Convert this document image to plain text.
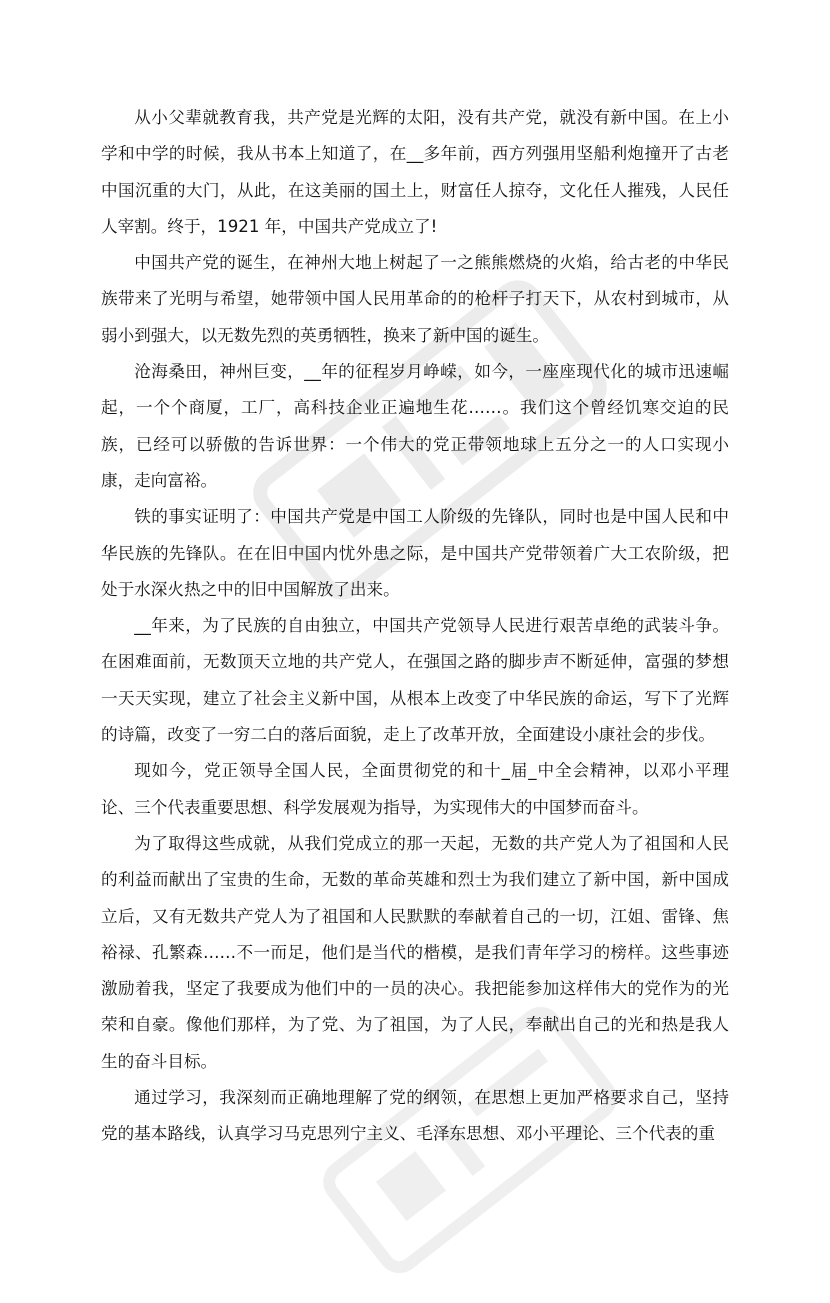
从小父辈就教育我，共产党是光辉的太阳，没有共产党，就没有新中国。在上小学和中学的时候，我从书本上知道了，在__多年前，西方列强用坚船利炮撞开了古老中国沉重的大门，从此，在这美丽的国土上，财富任人掠夺，文化任人摧残，人民任人宰割。终于，1921 年，中国共产党成立了!

中国共产党的诞生，在神州大地上树起了一之熊熊燃烧的火焰，给古老的中华民族带来了光明与希望，她带领中国人民用革命的的枪杆子打天下，从农村到城市，从弱小到强大，以无数先烈的英勇牺牲，换来了新中国的诞生。

沧海桑田，神州巨变，__年的征程岁月峥嵘，如今，一座座现代化的城市迅速崛起，一个个商厦，工厂，高科技企业正遍地生花……。我们这个曾经饥寒交迫的民族，已经可以骄傲的告诉世界：一个伟大的党正带领地球上五分之一的人口实现小康，走向富裕。

铁的事实证明了：中国共产党是中国工人阶级的先锋队，同时也是中国人民和中华民族的先锋队。在在旧中国内忧外患之际，是中国共产党带领着广大工农阶级，把处于水深火热之中的旧中国解放了出来。

__年来，为了民族的自由独立，中国共产党领导人民进行艰苦卓绝的武装斗争。在困难面前，无数顶天立地的共产党人，在强国之路的脚步声不断延伸，富强的梦想一天天实现，建立了社会主义新中国，从根本上改变了中华民族的命运，写下了光辉的诗篇，改变了一穷二白的落后面貌，走上了改革开放，全面建设小康社会的步伐。

现如今，党正领导全国人民，全面贯彻党的和十_届_中全会精神，以邓小平理论、三个代表重要思想、科学发展观为指导，为实现伟大的中国梦而奋斗。

为了取得这些成就，从我们党成立的那一天起，无数的共产党人为了祖国和人民的利益而献出了宝贵的生命，无数的革命英雄和烈士为我们建立了新中国，新中国成立后，又有无数共产党人为了祖国和人民默默的奉献着自己的一切，江姐、雷锋、焦裕禄、孔繁森……不一而足，他们是当代的楷模，是我们青年学习的榜样。这些事迹激励着我，坚定了我要成为他们中的一员的决心。我把能参加这样伟大的党作为的光荣和自豪。像他们那样，为了党、为了祖国，为了人民，奉献出自己的光和热是我人生的奋斗目标。

通过学习，我深刻而正确地理解了党的纲领，在思想上更加严格要求自己，坚持党的基本路线，认真学习马克思列宁主义、毛泽东思想、邓小平理论、三个代表的重
